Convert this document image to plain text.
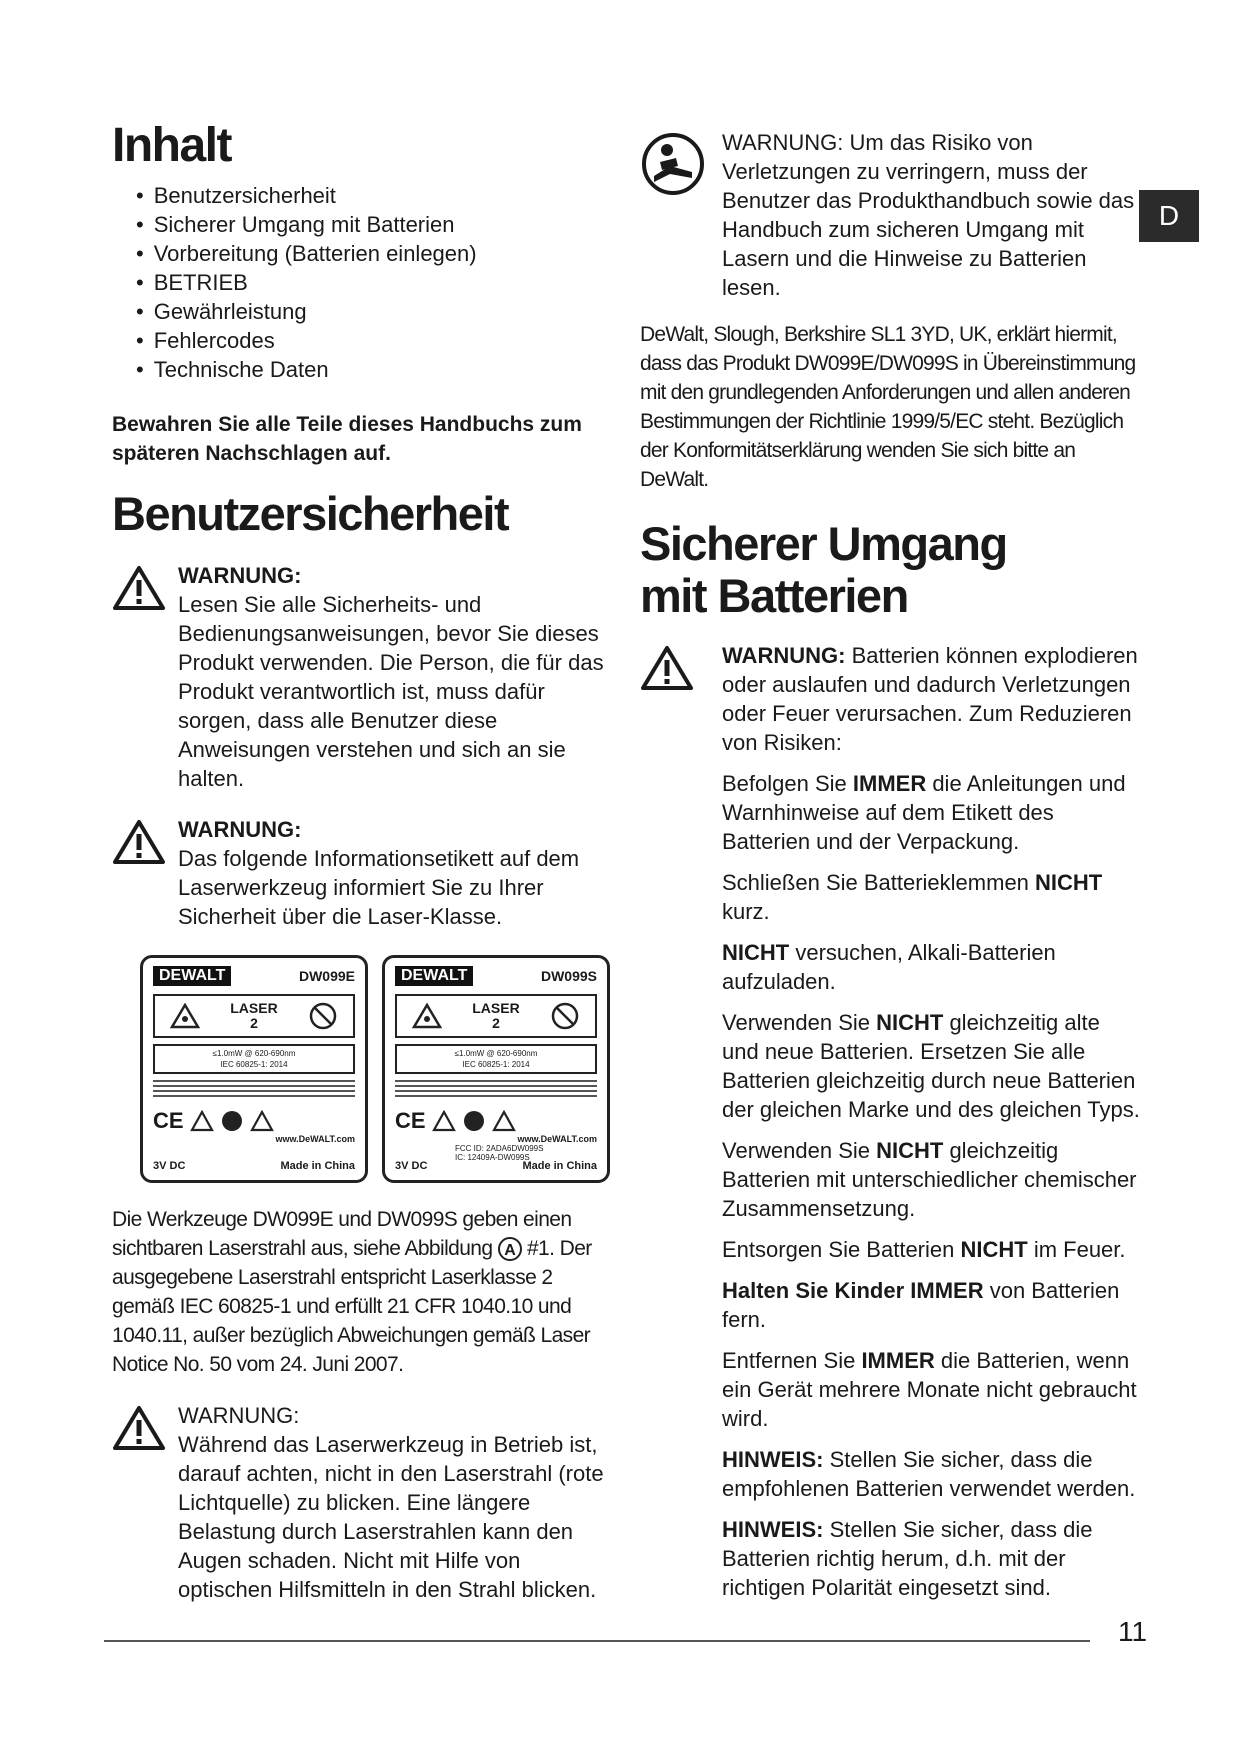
D
Inhalt
• Benutzersicherheit
• Sicherer Umgang mit Batterien
• Vorbereitung (Batterien einlegen)
• BETRIEB
• Gewährleistung
• Fehlercodes
• Technische Daten

Bewahren Sie alle Teile dieses Handbuchs zum späteren Nachschlagen auf.

Benutzersicherheit
WARNUNG:
Lesen Sie alle Sicherheits- und Bedienungsanweisungen, bevor Sie dieses Produkt verwenden. Die Person, die für das Produkt verantwortlich ist, muss dafür sorgen, dass alle Benutzer diese Anweisungen verstehen und sich an sie halten.
WARNUNG:
Das folgende Informationsetikett auf dem Laserwerkzeug informiert Sie zu Ihrer Sicherheit über die Laser-Klasse.
DEWALT	DW099E
LASER
2
≤1.0mW @ 620-690nm
IEC 60825-1: 2014
CE
www.DeWALT.com
3V DC	Made in China
DEWALT	DW099S
LASER
2
≤1.0mW @ 620-690nm
IEC 60825-1: 2014
CE
www.DeWALT.com
FCC ID: 2ADA6DW099S
IC: 12409A-DW099S
3V DC	Made in China
Die Werkzeuge DW099E und DW099S geben einen sichtbaren Laserstrahl aus, siehe Abbildung A #1. Der ausgegebene Laserstrahl entspricht Laserklasse 2 gemäß IEC 60825-1 und erfüllt 21 CFR 1040.10 und 1040.11, außer bezüglich Abweichungen gemäß Laser Notice No. 50 vom 24. Juni 2007.
WARNUNG:
Während das Laserwerkzeug in Betrieb ist, darauf achten, nicht in den Laserstrahl (rote Lichtquelle) zu blicken. Eine längere Belastung durch Laserstrahlen kann den Augen schaden. Nicht mit Hilfe von optischen Hilfsmitteln in den Strahl blicken.
WARNUNG: Um das Risiko von Verletzungen zu verringern, muss der Benutzer das Produkthandbuch sowie das Handbuch zum sicheren Umgang mit Lasern und die Hinweise zu Batterien lesen.
DeWalt, Slough, Berkshire SL1 3YD, UK, erklärt hiermit, dass das Produkt DW099E/DW099S in Übereinstimmung mit den grundlegenden Anforderungen und allen anderen Bestimmungen der Richtlinie 1999/5/EC steht. Bezüglich der Konformitätserklärung wenden Sie sich bitte an DeWalt.
Sicherer Umgang mit Batterien
WARNUNG: Batterien können explodieren oder auslaufen und dadurch Verletzungen oder Feuer verursachen. Zum Reduzieren von Risiken:

Befolgen Sie IMMER die Anleitungen und Warnhinweise auf dem Etikett des Batterien und der Verpackung.

Schließen Sie Batterieklemmen NICHT kurz.

NICHT versuchen, Alkali-Batterien aufzuladen.

Verwenden Sie NICHT gleichzeitig alte und neue Batterien. Ersetzen Sie alle Batterien gleichzeitig durch neue Batterien der gleichen Marke und des gleichen Typs.

Verwenden Sie NICHT gleichzeitig Batterien mit unterschiedlicher chemischer Zusammensetzung.

Entsorgen Sie Batterien NICHT im Feuer.

Halten Sie Kinder IMMER von Batterien fern.

Entfernen Sie IMMER die Batterien, wenn ein Gerät mehrere Monate nicht gebraucht wird.

HINWEIS: Stellen Sie sicher, dass die empfohlenen Batterien verwendet werden.

HINWEIS: Stellen Sie sicher, dass die Batterien richtig herum, d.h. mit der richtigen Polarität eingesetzt sind.

11
